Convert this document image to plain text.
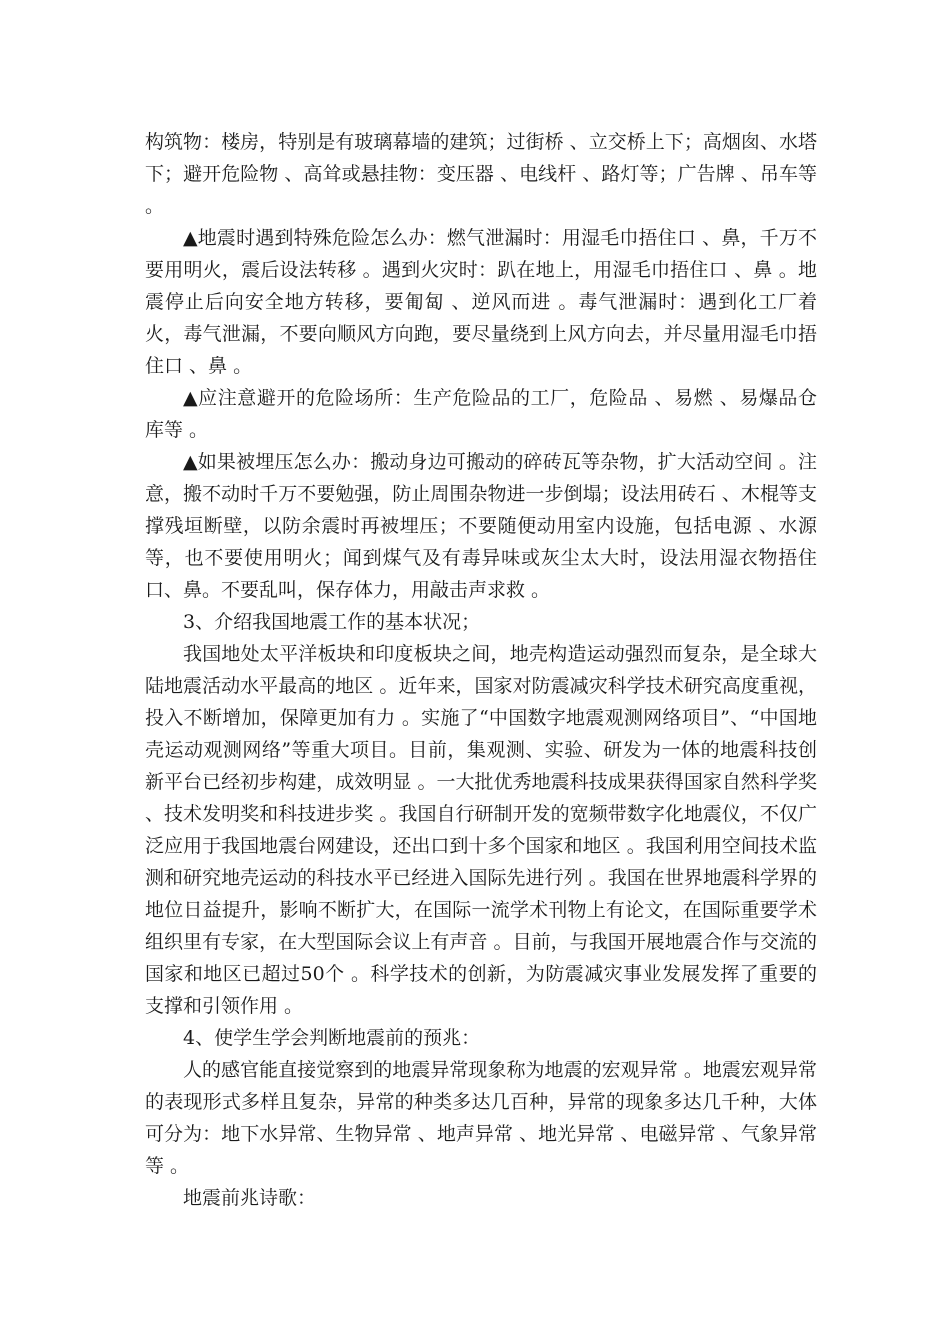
构筑物：楼房，特别是有玻璃幕墙的建筑；过街桥 、立交桥上下；高烟囱、水塔下；避开危险物 、高耸或悬挂物：变压器 、电线杆 、路灯等；广告牌 、吊车等 。

▲地震时遇到特殊危险怎么办：燃气泄漏时：用湿毛巾捂住口 、鼻，千万不要用明火，震后设法转移 。遇到火灾时：趴在地上，用湿毛巾捂住口 、鼻 。地 震停止后向安全地方转移，要匍匐 、逆风而进 。毒气泄漏时：遇到化工厂着火，毒气泄漏，不要向顺风方向跑，要尽量绕到上风方向去，并尽量用湿毛巾捂住口 、鼻 。

▲应注意避开的危险场所：生产危险品的工厂，危险品 、易燃 、易爆品仓库等 。

▲如果被埋压怎么办：搬动身边可搬动的碎砖瓦等杂物，扩大活动空间 。注意，搬不动时千万不要勉强，防止周围杂物进一步倒塌；设法用砖石 、木棍等支撑残垣断壁，以防余震时再被埋压；不要随便动用室内设施，包括电源 、水源等，也不要使用明火；闻到煤气及有毒异味或灰尘太大时，设法用湿衣物捂住口、鼻。不要乱叫，保存体力，用敲击声求救 。

3、介绍我国地震工作的基本状况；

我国地处太平洋板块和印度板块之间，地壳构造运动强烈而复杂，是全球大陆地震活动水平最高的地区 。近年来，国家对防震减灾科学技术研究高度重视，投入不断增加，保障更加有力 。实施了“中国数字地震观测网络项目”、“中国地壳运动观测网络”等重大项目。目前，集观测、实验、研发为一体的地震科技创新平台已经初步构建，成效明显 。一大批优秀地震科技成果获得国家自然科学奖 、技术发明奖和科技进步奖 。我国自行研制开发的宽频带数字化地震仪，不仅广泛应用于我国地震台网建设，还出口到十多个国家和地区 。我国利用空间技术监测和研究地壳运动的科技水平已经进入国际先进行列 。我国在世界地震科学界的地位日益提升，影响不断扩大，在国际一流学术刊物上有论文，在国际重要学术组织里有专家，在大型国际会议上有声音 。目前，与我国开展地震合作与交流的国家和地区已超过50个 。科学技术的创新，为防震减灾事业发展发挥了重要的支撑和引领作用 。

4、使学生学会判断地震前的预兆：

人的感官能直接觉察到的地震异常现象称为地震的宏观异常 。地震宏观异常的表现形式多样且复杂，异常的种类多达几百种，异常的现象多达几千种，大体可分为：地下水异常、生物异常 、地声异常 、地光异常 、电磁异常 、气象异常等 。

地震前兆诗歌：
